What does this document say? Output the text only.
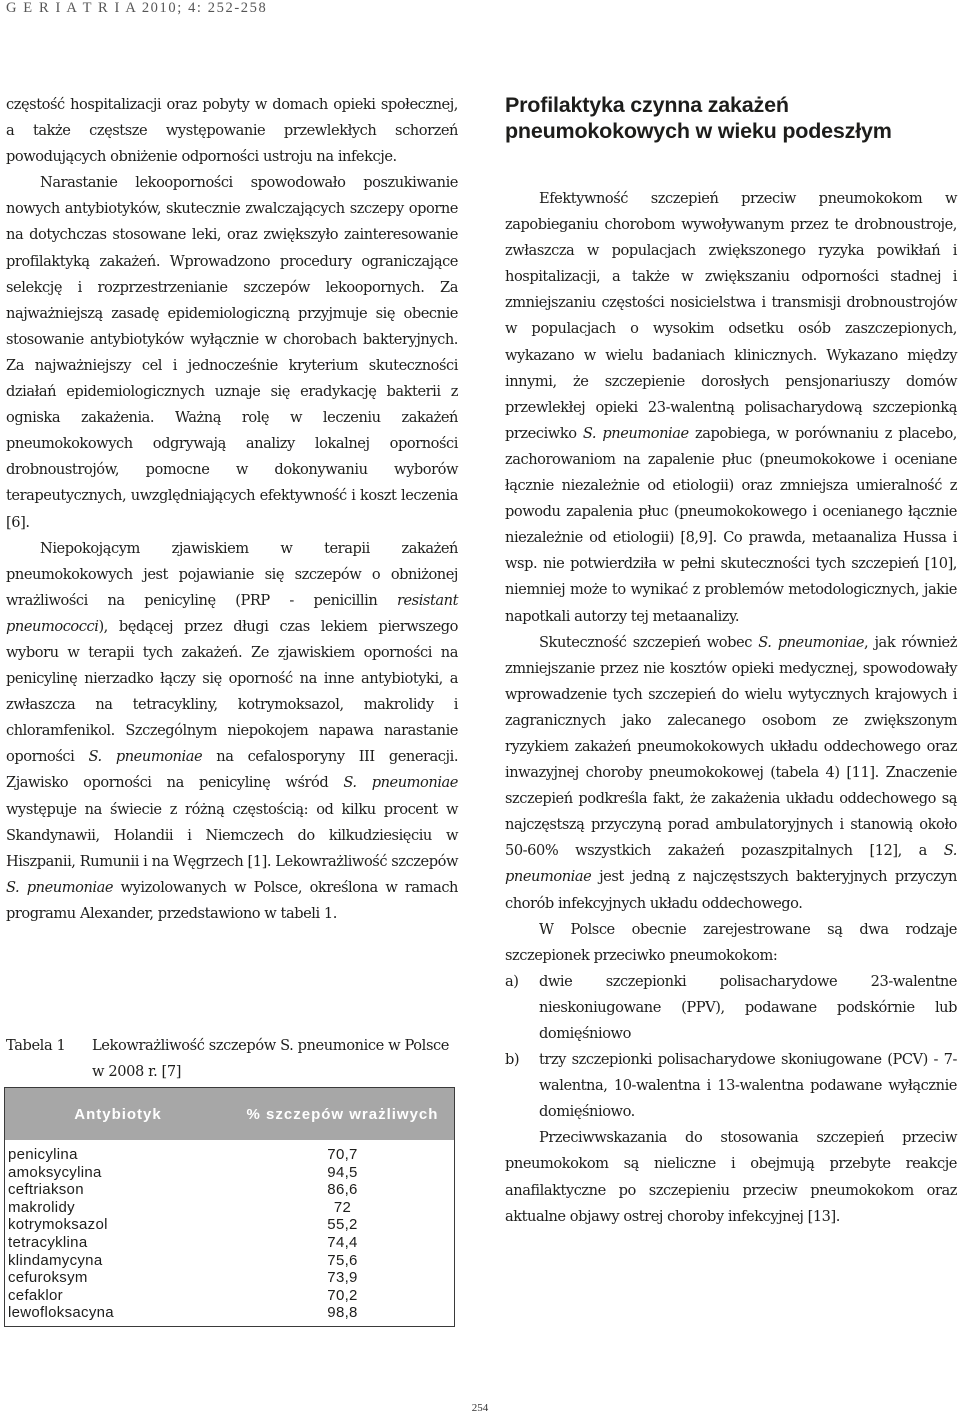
G E R I A T R I A 2010; 4: 252-258

częstość hospitalizacji oraz pobyty w domach opieki społecznej, a także częstsze występowanie przewlekłych schorzeń powodujących obniżenie odporności ustroju na infekcje.

Narastanie lekooporności spowodowało poszukiwanie nowych antybiotyków, skutecznie zwalczających szczepy oporne na dotychczas stosowane leki, oraz zwiększyło zainteresowanie profilaktyką zakażeń. Wprowadzono procedury ograniczające selekcję i rozprzestrzenianie szczepów lekoopornych. Za najważniejszą zasadę epidemiologiczną przyjmuje się obecnie stosowanie antybiotyków wyłącznie w chorobach bakteryjnych. Za najważniejszy cel i jednocześnie kryterium skuteczności działań epidemiologicznych uznaje się eradykację bakterii z ogniska zakażenia. Ważną rolę w leczeniu zakażeń pneumokokowych odgrywają analizy lokalnej oporności drobnoustrojów, pomocne w dokonywaniu wyborów terapeutycznych, uwzględniających efektywność i koszt leczenia [6].

Niepokojącym zjawiskiem w terapii zakażeń pneumokokowych jest pojawianie się szczepów o obniżonej wrażliwości na penicylinę (PRP - penicillin resistant pneumococci), będącej przez długi czas lekiem pierwszego wyboru w terapii tych zakażeń. Ze zjawiskiem oporności na penicylinę nierzadko łączy się oporność na inne antybiotyki, a zwłaszcza na tetracykliny, kotrymoksazol, makrolidy i chloramfenikol. Szczególnym niepokojem napawa narastanie oporności S. pneumoniae na cefalosporyny III generacji. Zjawisko oporności na penicylinę wśród S. pneumoniae występuje na świecie z różną częstością: od kilku procent w Skandynawii, Holandii i Niemczech do kilkudziesięciu w Hiszpanii, Rumunii i na Węgrzech [1]. Lekowrażliwość szczepów S. pneumoniae wyizolowanych w Polsce, określona w ramach programu Alexander, przedstawiono w tabeli 1.

Tabela 1	Lekowrażliwość szczepów S. pneumonice w Polsce w 2008 r. [7]
Antybiotyk	% szczepów wrażliwych
penicylina	70,7
amoksycylina	94,5
ceftriakson	86,6
makrolidy	72
kotrymoksazol	55,2
tetracyklina	74,4
klindamycyna	75,6
cefuroksym	73,9
cefaklor	70,2
lewofloksacyna	98,8
Profilaktyka czynna zakażeń pneumokokowych w wieku podeszłym

Efektywność szczepień przeciw pneumokokom w zapobieganiu chorobom wywoływanym przez te drobnoustroje, zwłaszcza w populacjach zwiększonego ryzyka powikłań i hospitalizacji, a także w zwiększaniu odporności stadnej i zmniejszaniu częstości nosicielstwa i transmisji drobnoustrojów w populacjach o wysokim odsetku osób zaszczepionych, wykazano w wielu badaniach klinicznych. Wykazano między innymi, że szczepienie dorosłych pensjonariuszy domów przewlekłej opieki 23-walentną polisacharydową szczepionką przeciwko S. pneumoniae zapobiega, w porównaniu z placebo, zachorowaniom na zapalenie płuc (pneumokokowe i oceniane łącznie niezależnie od etiologii) oraz zmniejsza umieralność z powodu zapalenia płuc (pneumokokowego i ocenianego łącznie niezależnie od etiologii) [8,9]. Co prawda, metaanaliza Hussa i wsp. nie potwierdziła w pełni skuteczności tych szczepień [10], niemniej może to wynikać z problemów metodologicznych, jakie napotkali autorzy tej metaanalizy.

Skuteczność szczepień wobec S. pneumoniae, jak również zmniejszanie przez nie kosztów opieki medycznej, spowodowały wprowadzenie tych szczepień do wielu wytycznych krajowych i zagranicznych jako zalecanego osobom ze zwiększonym ryzykiem zakażeń pneumokokowych układu oddechowego oraz inwazyjnej choroby pneumokokowej (tabela 4) [11]. Znaczenie szczepień podkreśla fakt, że zakażenia układu oddechowego są najczęstszą przyczyną porad ambulatoryjnych i stanowią około 50-60% wszystkich zakażeń pozaszpitalnych [12], a S. pneumoniae jest jedną z najczęstszych bakteryjnych przyczyn chorób infekcyjnych układu oddechowego.

W Polsce obecnie zarejestrowane są dwa rodzaje szczepionek przeciwko pneumokokom:

a)	dwie szczepionki polisacharydowe 23-walentne nieskoniugowane (PPV), podawane podskórnie lub domięśniowo
b)	trzy szczepionki polisacharydowe skoniugowane (PCV) - 7-walentna, 10-walentna i 13-walentna podawane wyłącznie domięśniowo.

Przeciwwskazania do stosowania szczepień przeciw pneumokokom są nieliczne i obejmują przebyte reakcje anafilaktyczne po szczepieniu przeciw pneumokokom oraz aktualne objawy ostrej choroby infekcyjnej [13].

254
